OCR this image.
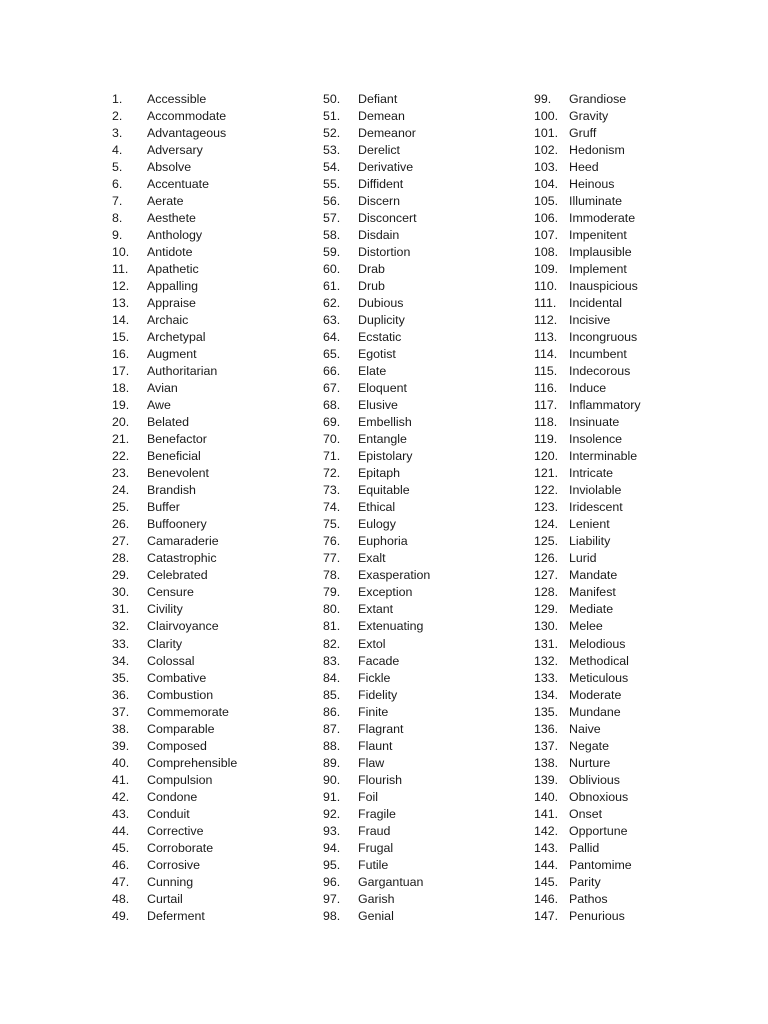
1. Accessible
2. Accommodate
3. Advantageous
4. Adversary
5. Absolve
6. Accentuate
7. Aerate
8. Aesthete
9. Anthology
10. Antidote
11. Apathetic
12. Appalling
13. Appraise
14. Archaic
15. Archetypal
16. Augment
17. Authoritarian
18. Avian
19. Awe
20. Belated
21. Benefactor
22. Beneficial
23. Benevolent
24. Brandish
25. Buffer
26. Buffoonery
27. Camaraderie
28. Catastrophic
29. Celebrated
30. Censure
31. Civility
32. Clairvoyance
33. Clarity
34. Colossal
35. Combative
36. Combustion
37. Commemorate
38. Comparable
39. Composed
40. Comprehensible
41. Compulsion
42. Condone
43. Conduit
44. Corrective
45. Corroborate
46. Corrosive
47. Cunning
48. Curtail
49. Deferment
50. Defiant
51. Demean
52. Demeanor
53. Derelict
54. Derivative
55. Diffident
56. Discern
57. Disconcert
58. Disdain
59. Distortion
60. Drab
61. Drub
62. Dubious
63. Duplicity
64. Ecstatic
65. Egotist
66. Elate
67. Eloquent
68. Elusive
69. Embellish
70. Entangle
71. Epistolary
72. Epitaph
73. Equitable
74. Ethical
75. Eulogy
76. Euphoria
77. Exalt
78. Exasperation
79. Exception
80. Extant
81. Extenuating
82. Extol
83. Facade
84. Fickle
85. Fidelity
86. Finite
87. Flagrant
88. Flaunt
89. Flaw
90. Flourish
91. Foil
92. Fragile
93. Fraud
94. Frugal
95. Futile
96. Gargantuan
97. Garish
98. Genial
99. Grandiose
100. Gravity
101. Gruff
102. Hedonism
103. Heed
104. Heinous
105. Illuminate
106. Immoderate
107. Impenitent
108. Implausible
109. Implement
110. Inauspicious
111. Incidental
112. Incisive
113. Incongruous
114. Incumbent
115. Indecorous
116. Induce
117. Inflammatory
118. Insinuate
119. Insolence
120. Interminable
121. Intricate
122. Inviolable
123. Iridescent
124. Lenient
125. Liability
126. Lurid
127. Mandate
128. Manifest
129. Mediate
130. Melee
131. Melodious
132. Methodical
133. Meticulous
134. Moderate
135. Mundane
136. Naive
137. Negate
138. Nurture
139. Oblivious
140. Obnoxious
141. Onset
142. Opportune
143. Pallid
144. Pantomime
145. Parity
146. Pathos
147. Penurious
